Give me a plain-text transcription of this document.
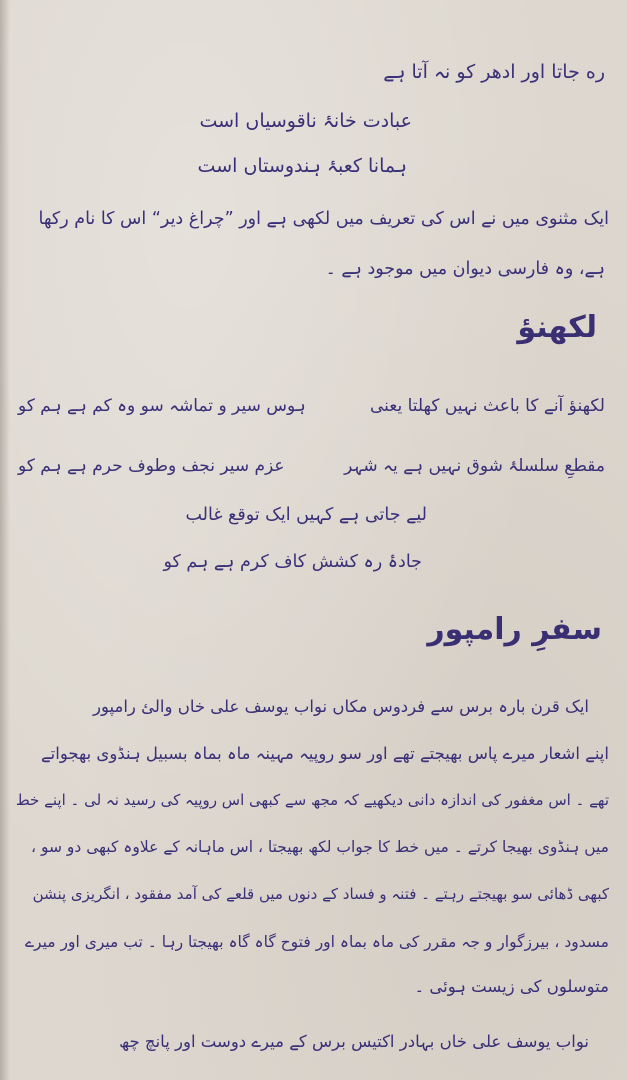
ره جاتا اور ادھر کو نہ آتا ہے
عبادت خانۂ ناقوسیاں است
ہمانا کعبۂ ہندوستاں است
ایک مثنوی میں نے اس کی تعریف میں لکھی ہے اور ”چراغ دیر“ اس کا نام رکھا
ہے، وہ فارسی دیوان میں موجود ہے ۔
لکھنؤ
لکھنؤ آنے کا باعث نہیں کھلتا یعنی
ہوس سیر و تماشہ سو وہ کم ہے ہم کو
مقطعِ سلسلۂ شوق نہیں ہے یہ شہر
عزم سیر نجف وطوف حرم ہے ہم کو
لیے جاتی ہے کہیں ایک توقع غالب
جادۂ رہ کشش کاف کرم ہے ہم کو
سفرِ رامپور
ایک قرن بارہ برس سے فردوس مکاں نواب یوسف علی خاں والئ رامپور
اپنے اشعار میرے پاس بھیجتے تھے اور سو روپیہ مہینہ ماہ بماہ بسبیل ہنڈوی بھجواتے
تھے ۔ اس مغفور کی اندازہ دانی دیکھیے کہ مجھ سے کبھی اس روپیہ کی رسید نہ لی ۔ اپنے خط
میں ہنڈوی بھیجا کرتے ۔ میں خط کا جواب لکھ بھیجتا ، اس ماہانہ کے علاوہ کبھی دو سو ،
کبھی ڈھائی سو بھیجتے رہتے ۔ فتنہ و فساد کے دنوں میں قلعے کی آمد مفقود ، انگریزی پنشن
مسدود ، بیرزگوار و جہ مقرر کی ماہ بماہ اور فتوح گاہ گاہ بھیجتا رہا ۔ تب میری اور میرے
متوسلوں کی زیست ہوئی ۔
نواب یوسف علی خاں بہادر اکتیس برس کے میرے دوست اور پانچ چھ
